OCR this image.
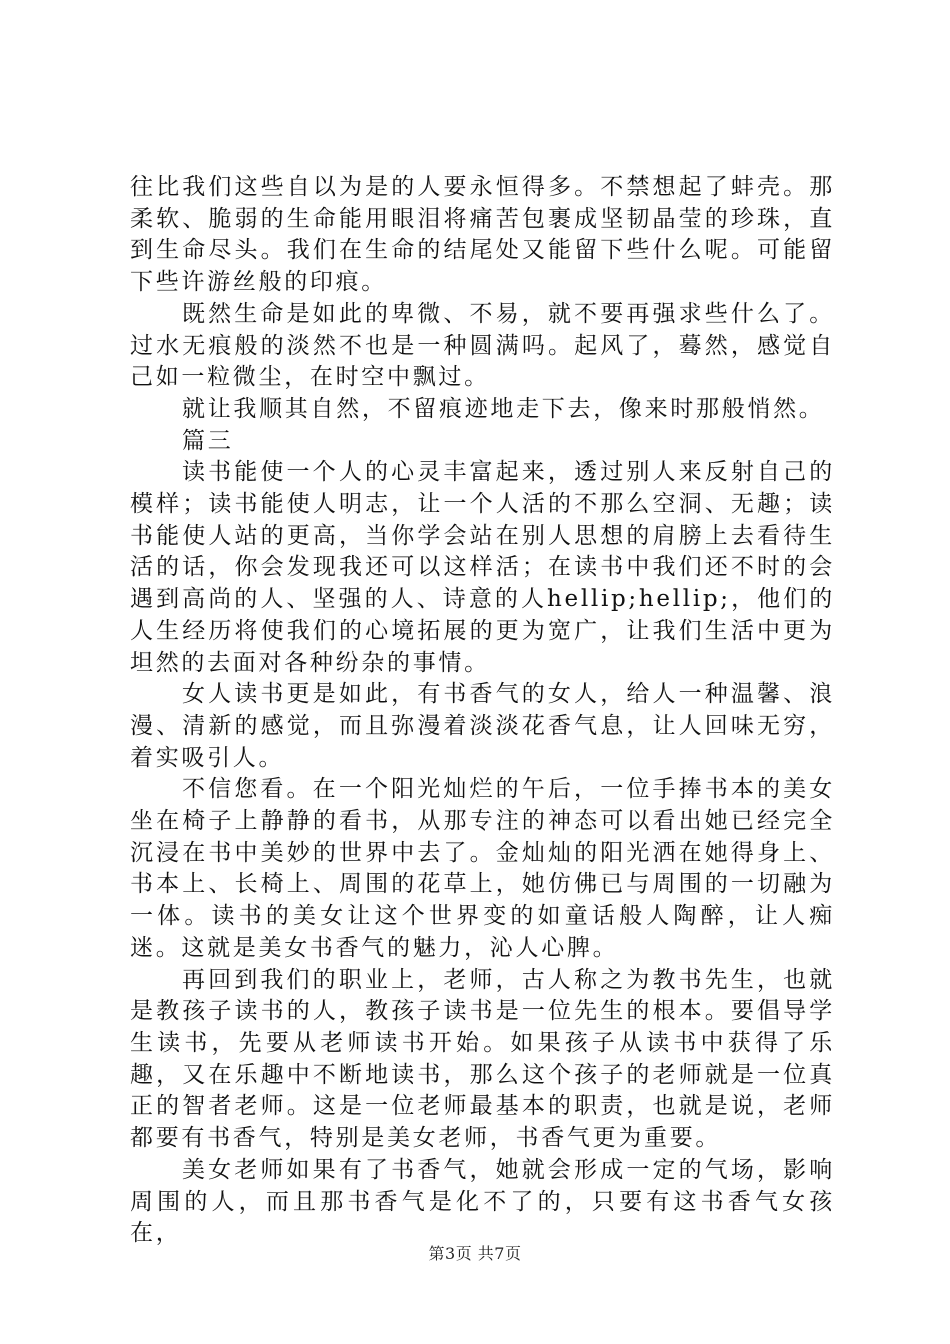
往比我们这些自以为是的人要永恒得多。不禁想起了蚌壳。那柔软、脆弱的生命能用眼泪将痛苦包裹成坚韧晶莹的珍珠，直到生命尽头。我们在生命的结尾处又能留下些什么呢。可能留下些许游丝般的印痕。

既然生命是如此的卑微、不易，就不要再强求些什么了。过水无痕般的淡然不也是一种圆满吗。起风了，蓦然，感觉自己如一粒微尘，在时空中飘过。

就让我顺其自然，不留痕迹地走下去，像来时那般悄然。

篇三

读书能使一个人的心灵丰富起来，透过别人来反射自己的模样；读书能使人明志，让一个人活的不那么空洞、无趣；读书能使人站的更高，当你学会站在别人思想的肩膀上去看待生活的话，你会发现我还可以这样活；在读书中我们还不时的会遇到高尚的人、坚强的人、诗意的人hellip;hellip;，他们的人生经历将使我们的心境拓展的更为宽广，让我们生活中更为坦然的去面对各种纷杂的事情。

女人读书更是如此，有书香气的女人，给人一种温馨、浪漫、清新的感觉，而且弥漫着淡淡花香气息，让人回味无穷，着实吸引人。

不信您看。在一个阳光灿烂的午后，一位手捧书本的美女坐在椅子上静静的看书，从那专注的神态可以看出她已经完全沉浸在书中美妙的世界中去了。金灿灿的阳光洒在她得身上、书本上、长椅上、周围的花草上，她仿佛已与周围的一切融为一体。读书的美女让这个世界变的如童话般人陶醉，让人痴迷。这就是美女书香气的魅力，沁人心脾。

再回到我们的职业上，老师，古人称之为教书先生，也就是教孩子读书的人，教孩子读书是一位先生的根本。要倡导学生读书，先要从老师读书开始。如果孩子从读书中获得了乐趣，又在乐趣中不断地读书，那么这个孩子的老师就是一位真正的智者老师。这是一位老师最基本的职责，也就是说，老师都要有书香气，特别是美女老师，书香气更为重要。

美女老师如果有了书香气，她就会形成一定的气场，影响周围的人，而且那书香气是化不了的，只要有这书香气女孩在，

第3页 共7页
